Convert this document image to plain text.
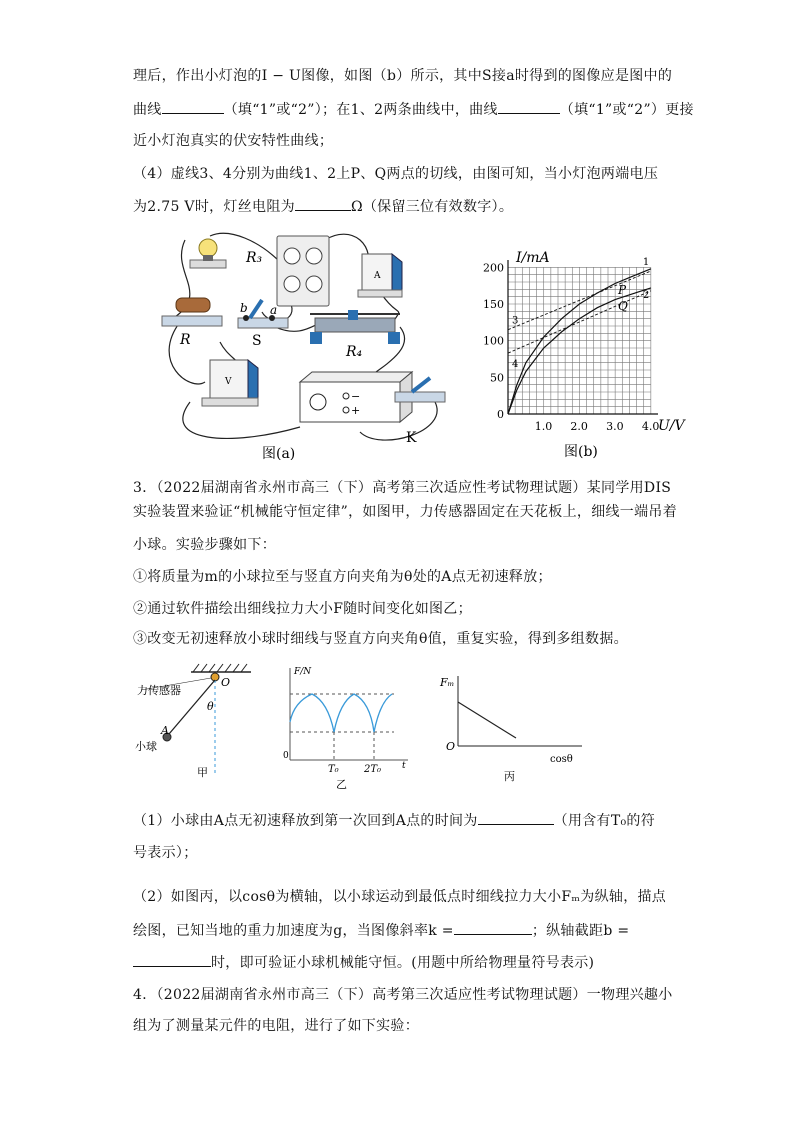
理后，作出小灯泡的I − U图像，如图（b）所示，其中S接a时得到的图像应是图中的
曲线	（填“1”或“2”）；在1、2两条曲线中，曲线	（填“1”或“2”）更接
近小灯泡真实的伏安特性曲线；
（4）虚线3、4分别为曲线1、2上P、Q两点的切线，由图可知，当小灯泡两端电压
为2.75 V时，灯丝电阻为	Ω（保留三位有效数字）。
R₃
A
R
b a
S
R₄
V
−
+
K
图(a)
1
2
3
4
1.0 2.0 3.0 4.0
0
50
100
150
200
I/mA
U/V
P
Q
图(b)
3．（2022届湖南省永州市高三（下）高考第三次适应性考试物理试题）某同学用DIS
实验装置来验证“机械能守恒定律”，如图甲，力传感器固定在天花板上，细线一端吊着
小球。实验步骤如下：
①将质量为m的小球拉至与竖直方向夹角为θ处的A点无初速释放；
②通过软件描绘出细线拉力大小F随时间变化如图乙；
③改变无初速释放小球时细线与竖直方向夹角θ值，重复实验，得到多组数据。
力传感器
O
θ
A
小球
甲
F/N
0
t
T₀	2T₀
乙
Fₘ
O
cosθ
丙
（1）小球由A点无初速释放到第一次回到A点的时间为	（用含有T₀的符
号表示）；
（2）如图丙，以cosθ为横轴，以小球运动到最低点时细线拉力大小Fₘ为纵轴，描点
绘图，已知当地的重力加速度为g，当图像斜率k =	；纵轴截距b =
时，即可验证小球机械能守恒。(用题中所给物理量符号表示)
4．（2022届湖南省永州市高三（下）高考第三次适应性考试物理试题）一物理兴趣小
组为了测量某元件的电阻，进行了如下实验：
